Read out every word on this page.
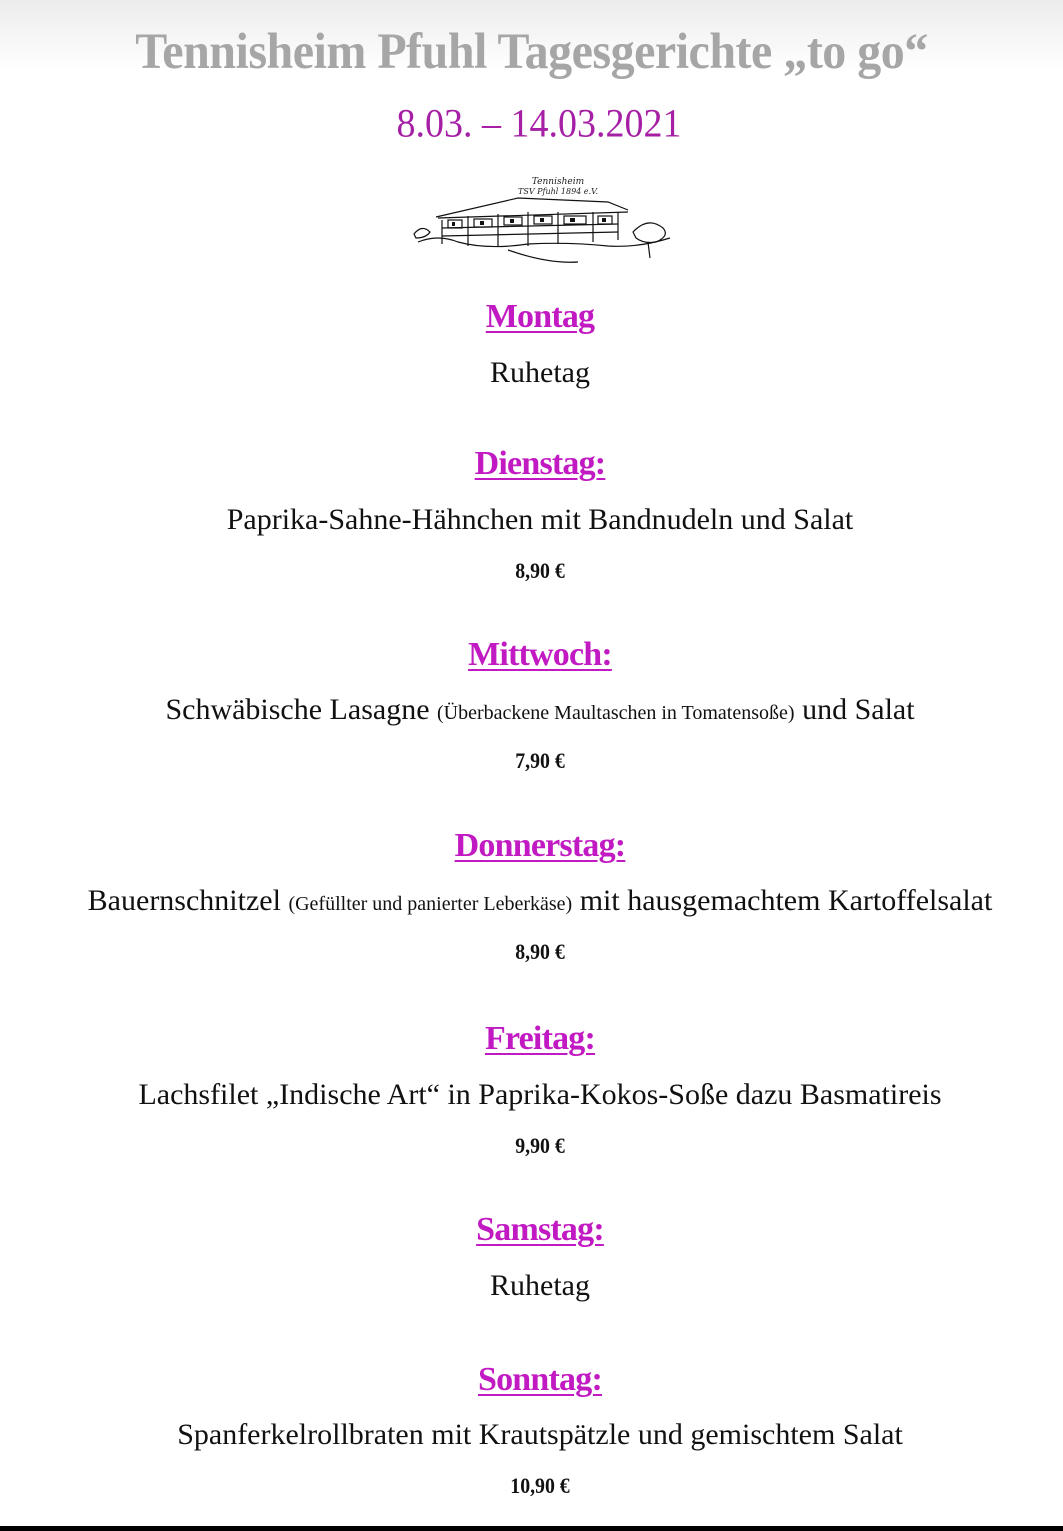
Tennisheim Pfuhl Tagesgerichte „to go“
8.03. – 14.03.2021
Tennisheim
TSV Pfuhl 1894 e.V.
Montag
Ruhetag
Dienstag:
Paprika-Sahne-Hähnchen mit Bandnudeln und Salat
8,90 €
Mittwoch:
Schwäbische Lasagne (Überbackene Maultaschen in Tomatensoße) und Salat
7,90 €
Donnerstag:
Bauernschnitzel (Gefüllter und panierter Leberkäse) mit hausgemachtem Kartoffelsalat
8,90 €
Freitag:
Lachsfilet „Indische Art“ in Paprika-Kokos-Soße dazu Basmatireis
9,90 €
Samstag:
Ruhetag
Sonntag:
Spanferkelrollbraten mit Krautspätzle und gemischtem Salat
10,90 €
